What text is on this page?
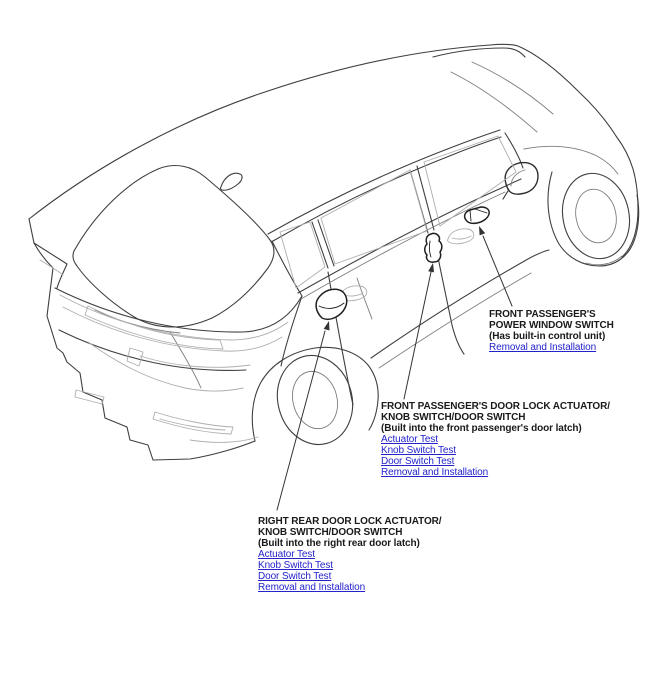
FRONT PASSENGER'S
POWER WINDOW SWITCH
(Has built-in control unit)
Removal and Installation
FRONT PASSENGER'S DOOR LOCK ACTUATOR/
KNOB SWITCH/DOOR SWITCH
(Built into the front passenger's door latch)
Actuator Test
Knob Switch Test
Door Switch Test
Removal and Installation
RIGHT REAR DOOR LOCK ACTUATOR/
KNOB SWITCH/DOOR SWITCH
(Built into the right rear door latch)
Actuator Test
Knob Switch Test
Door Switch Test
Removal and Installation
